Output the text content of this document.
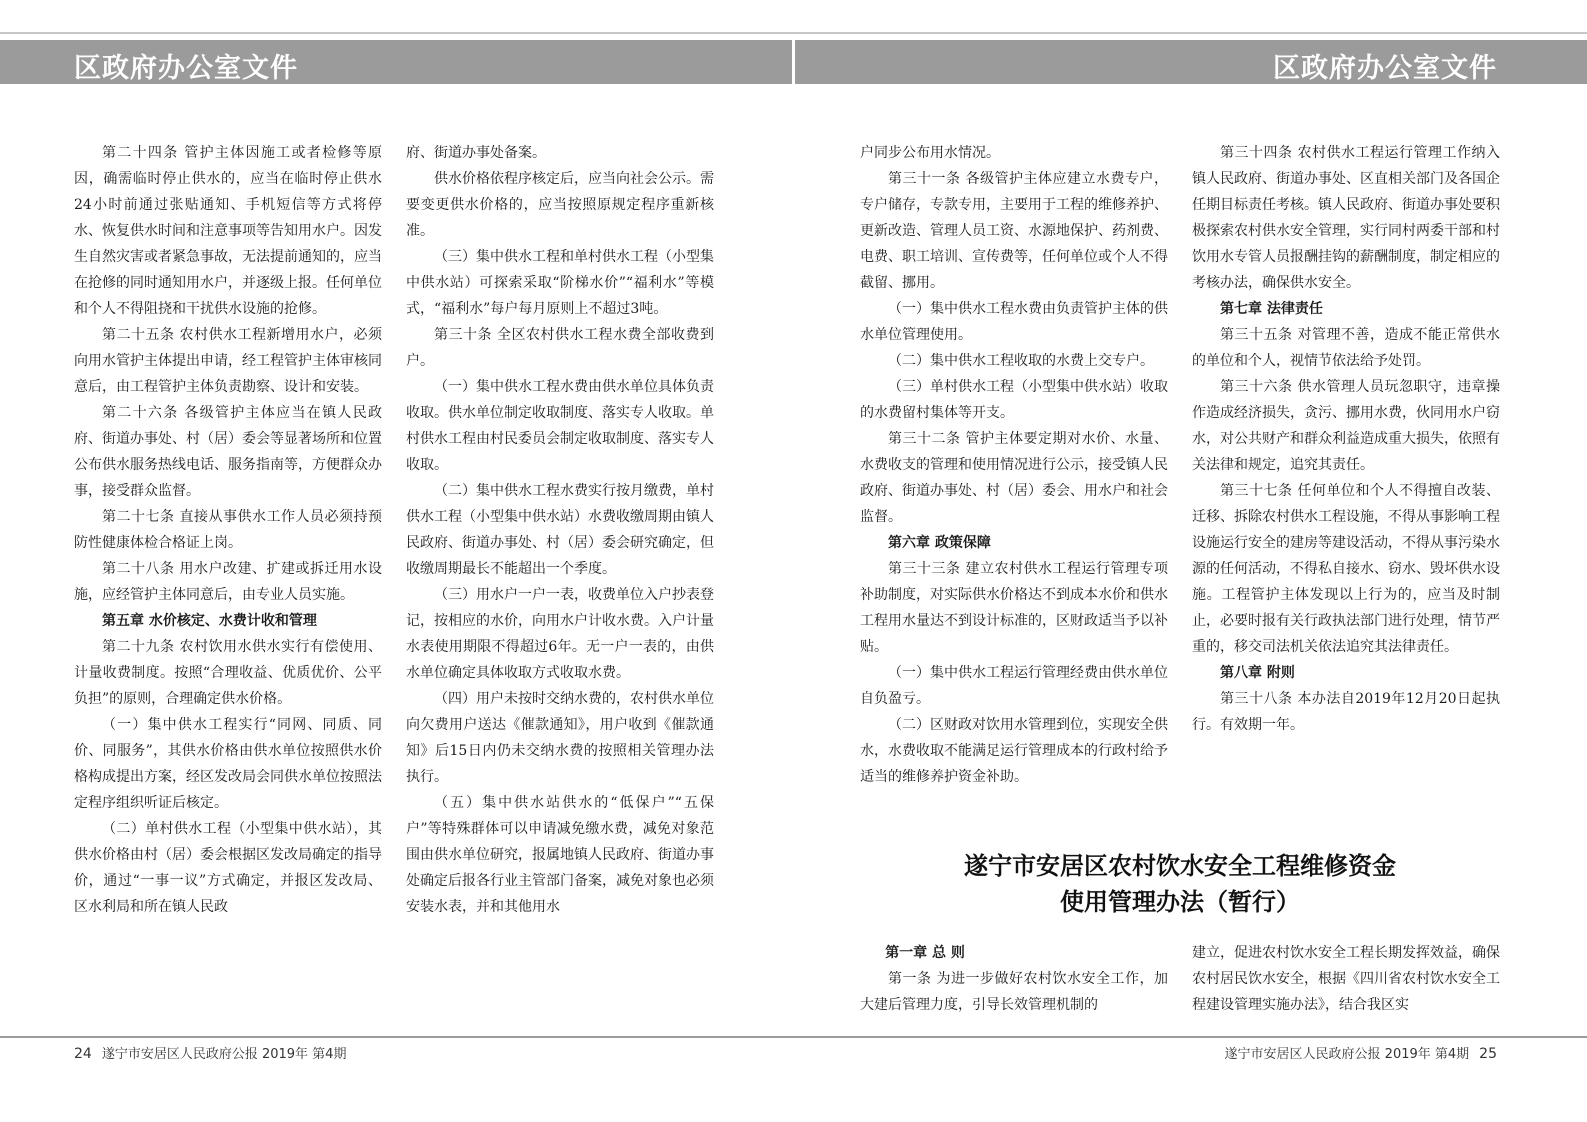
区政府办公室文件	区政府办公室文件

第二十四条 管护主体因施工或者检修等原因，确需临时停止供水的，应当在临时停止供水24小时前通过张贴通知、手机短信等方式将停水、恢复供水时间和注意事项等告知用水户。因发生自然灾害或者紧急事故，无法提前通知的，应当在抢修的同时通知用水户，并逐级上报。任何单位和个人不得阻挠和干扰供水设施的抢修。

第二十五条 农村供水工程新增用水户，必须向用水管护主体提出申请，经工程管护主体审核同意后，由工程管护主体负责勘察、设计和安装。

第二十六条 各级管护主体应当在镇人民政府、街道办事处、村（居）委会等显著场所和位置公布供水服务热线电话、服务指南等，方便群众办事，接受群众监督。

第二十七条 直接从事供水工作人员必须持预防性健康体检合格证上岗。

第二十八条 用水户改建、扩建或拆迁用水设施，应经管护主体同意后，由专业人员实施。

第五章 水价核定、水费计收和管理

第二十九条 农村饮用水供水实行有偿使用、计量收费制度。按照“合理收益、优质优价、公平负担”的原则，合理确定供水价格。

（一）集中供水工程实行“同网、同质、同价、同服务”，其供水价格由供水单位按照供水价格构成提出方案，经区发改局会同供水单位按照法定程序组织听证后核定。

（二）单村供水工程（小型集中供水站），其供水价格由村（居）委会根据区发改局确定的指导价，通过“一事一议”方式确定，并报区发改局、区水利局和所在镇人民政

府、街道办事处备案。

供水价格依程序核定后，应当向社会公示。需要变更供水价格的，应当按照原规定程序重新核准。

（三）集中供水工程和单村供水工程（小型集中供水站）可探索采取“阶梯水价”“福利水”等模式，“福利水”每户每月原则上不超过3吨。

第三十条 全区农村供水工程水费全部收费到户。

（一）集中供水工程水费由供水单位具体负责收取。供水单位制定收取制度、落实专人收取。单村供水工程由村民委员会制定收取制度、落实专人收取。

（二）集中供水工程水费实行按月缴费，单村供水工程（小型集中供水站）水费收缴周期由镇人民政府、街道办事处、村（居）委会研究确定，但收缴周期最长不能超出一个季度。

（三）用水户一户一表，收费单位入户抄表登记，按相应的水价，向用水户计收水费。入户计量水表使用期限不得超过6年。无一户一表的，由供水单位确定具体收取方式收取水费。

（四）用户未按时交纳水费的，农村供水单位向欠费用户送达《催款通知》，用户收到《催款通知》后15日内仍未交纳水费的按照相关管理办法执行。

（五）集中供水站供水的“低保户”“五保户”等特殊群体可以申请减免缴水费，减免对象范围由供水单位研究，报属地镇人民政府、街道办事处确定后报各行业主管部门备案，减免对象也必须安装水表，并和其他用水

户同步公布用水情况。

第三十一条 各级管护主体应建立水费专户，专户储存，专款专用，主要用于工程的维修养护、更新改造、管理人员工资、水源地保护、药剂费、电费、职工培训、宣传费等，任何单位或个人不得截留、挪用。

（一）集中供水工程水费由负责管护主体的供水单位管理使用。

（二）集中供水工程收取的水费上交专户。

（三）单村供水工程（小型集中供水站）收取的水费留村集体等开支。

第三十二条 管护主体要定期对水价、水量、水费收支的管理和使用情况进行公示，接受镇人民政府、街道办事处、村（居）委会、用水户和社会监督。

第六章 政策保障

第三十三条 建立农村供水工程运行管理专项补助制度，对实际供水价格达不到成本水价和供水工程用水量达不到设计标准的，区财政适当予以补贴。

（一）集中供水工程运行管理经费由供水单位自负盈亏。

（二）区财政对饮用水管理到位，实现安全供水，水费收取不能满足运行管理成本的行政村给予适当的维修养护资金补助。

第三十四条 农村供水工程运行管理工作纳入镇人民政府、街道办事处、区直相关部门及各国企任期目标责任考核。镇人民政府、街道办事处要积极探索农村供水安全管理，实行同村两委干部和村饮用水专管人员报酬挂钩的薪酬制度，制定相应的考核办法，确保供水安全。

第七章 法律责任

第三十五条 对管理不善，造成不能正常供水的单位和个人，视情节依法给予处罚。

第三十六条 供水管理人员玩忽职守，违章操作造成经济损失，贪污、挪用水费，伙同用水户窃水，对公共财产和群众利益造成重大损失，依照有关法律和规定，追究其责任。

第三十七条 任何单位和个人不得擅自改装、迁移、拆除农村供水工程设施，不得从事影响工程设施运行安全的建房等建设活动，不得从事污染水源的任何活动，不得私自接水、窃水、毁坏供水设施。工程管护主体发现以上行为的，应当及时制止，必要时报有关行政执法部门进行处理，情节严重的，移交司法机关依法追究其法律责任。

第八章 附则

第三十八条 本办法自2019年12月20日起执行。有效期一年。

遂宁市安居区农村饮水安全工程维修资金
使用管理办法（暂行）
第一章 总 则

第一条 为进一步做好农村饮水安全工作，加大建后管理力度，引导长效管理机制的

建立，促进农村饮水安全工程长期发挥效益，确保农村居民饮水安全，根据《四川省农村饮水安全工程建设管理实施办法》，结合我区实

24 遂宁市安居区人民政府公报 2019年 第4期	遂宁市安居区人民政府公报 2019年 第4期 25
